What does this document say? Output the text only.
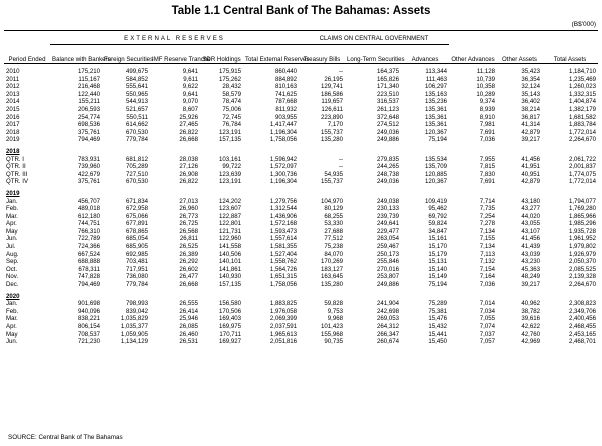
Table 1.1 Central Bank of The Bahamas: Assets
(B$'000)

	EXTERNAL RESERVES					CLAIMS ON CENTRAL GOVERNMENT					
Period Ended	Balance with Bankers	Foreign Securities	IMF Reserve Tranche	SDR Holdings	Total External Reserves	Treasury Bills	Long-Term Securities	Advances	Other Advances	Other Assets	Total Assets

2010	175,210	499,675	9,641	175,915	860,440	--	164,375	113,344	11,128	35,423	1,184,710
2011	115,167	584,852	9,611	175,262	884,892	26,195	165,826	111,463	10,739	36,354	1,235,469
2012	216,468	555,641	9,622	28,432	810,163	129,741	171,340	106,297	10,358	32,124	1,260,023
2013	122,440	550,965	9,641	58,579	741,625	186,586	223,510	135,163	10,289	35,143	1,332,315
2014	155,211	544,913	9,070	78,474	787,668	119,657	316,537	135,236	9,374	36,402	1,404,874
2015	206,593	521,657	8,607	75,006	811,932	126,611	261,123	135,361	8,939	38,214	1,382,179
2016	254,774	550,511	25,926	72,745	903,955	223,890	372,648	135,361	8,910	36,817	1,681,582
2017	698,536	614,662	27,465	76,784	1,417,447	7,170	274,512	135,361	7,981	41,314	1,883,784
2018	375,761	670,530	26,822	123,191	1,196,304	155,737	249,036	120,367	7,691	42,879	1,772,014
2019	794,469	779,784	26,668	157,135	1,758,056	135,280	249,886	75,194	7,036	39,217	2,264,670

2018											
QTR. I	783,931	681,812	28,038	103,161	1,596,942	--	279,835	135,534	7,955	41,456	2,061,722
QTR. II	739,960	705,289	27,126	99,722	1,572,097	--	244,265	135,709	7,815	41,951	2,001,837
QTR. III	422,679	727,510	26,908	123,639	1,300,736	54,935	248,738	120,885	7,830	40,951	1,774,075
QTR. IV	375,761	670,530	26,822	123,191	1,196,304	155,737	249,036	120,367	7,691	42,879	1,772,014

2019											
Jan.	456,707	671,834	27,013	124,202	1,279,756	104,970	249,038	109,419	7,714	43,180	1,794,077
Feb.	489,018	672,958	26,960	123,607	1,312,544	80,129	230,133	95,462	7,735	43,277	1,769,280
Mar.	612,180	675,066	26,773	122,887	1,436,906	68,255	239,739	69,792	7,254	44,020	1,865,966
Apr.	744,751	677,891	26,725	122,801	1,572,168	53,330	249,641	59,824	7,278	43,055	1,985,296
May	766,310	678,865	26,568	121,731	1,593,473	27,688	229,477	34,847	7,134	43,107	1,935,728
Jun.	722,789	685,054	26,811	122,960	1,557,614	77,512	263,054	15,161	7,155	41,456	1,961,952
Jul.	724,366	685,905	26,525	141,558	1,581,355	75,238	259,467	15,170	7,134	41,439	1,979,802
Aug.	667,524	692,985	26,389	140,506	1,527,404	84,070	250,173	15,179	7,113	43,039	1,926,979
Sep.	688,888	703,481	26,292	140,101	1,558,762	170,269	255,846	15,131	7,132	43,230	2,050,370
Oct.	678,311	717,951	26,602	141,861	1,564,726	183,127	270,016	15,140	7,154	45,363	2,085,525
Nov.	747,828	736,080	26,477	140,930	1,651,315	163,645	253,807	15,149	7,164	48,249	2,139,328
Dec.	794,469	779,784	26,668	157,135	1,758,056	135,280	249,886	75,194	7,036	39,217	2,264,670

2020											
Jan.	901,698	798,993	26,555	156,580	1,883,825	59,828	241,904	75,289	7,014	40,962	2,308,823
Feb.	940,096	839,042	26,414	170,506	1,976,058	9,753	242,698	75,381	7,034	38,782	2,349,706
Mar.	838,221	1,035,829	25,946	169,403	2,069,399	9,968	269,053	15,476	7,055	39,616	2,400,456
Apr.	806,154	1,035,377	26,085	169,975	2,037,591	101,423	264,312	15,432	7,074	42,622	2,468,455
May	708,537	1,059,905	26,460	170,711	1,965,613	155,968	266,347	15,441	7,037	42,760	2,453,165
Jun.	721,230	1,134,129	26,531	169,927	2,051,816	90,735	260,674	15,450	7,057	42,969	2,468,701
SOURCE: Central Bank of The Bahamas
